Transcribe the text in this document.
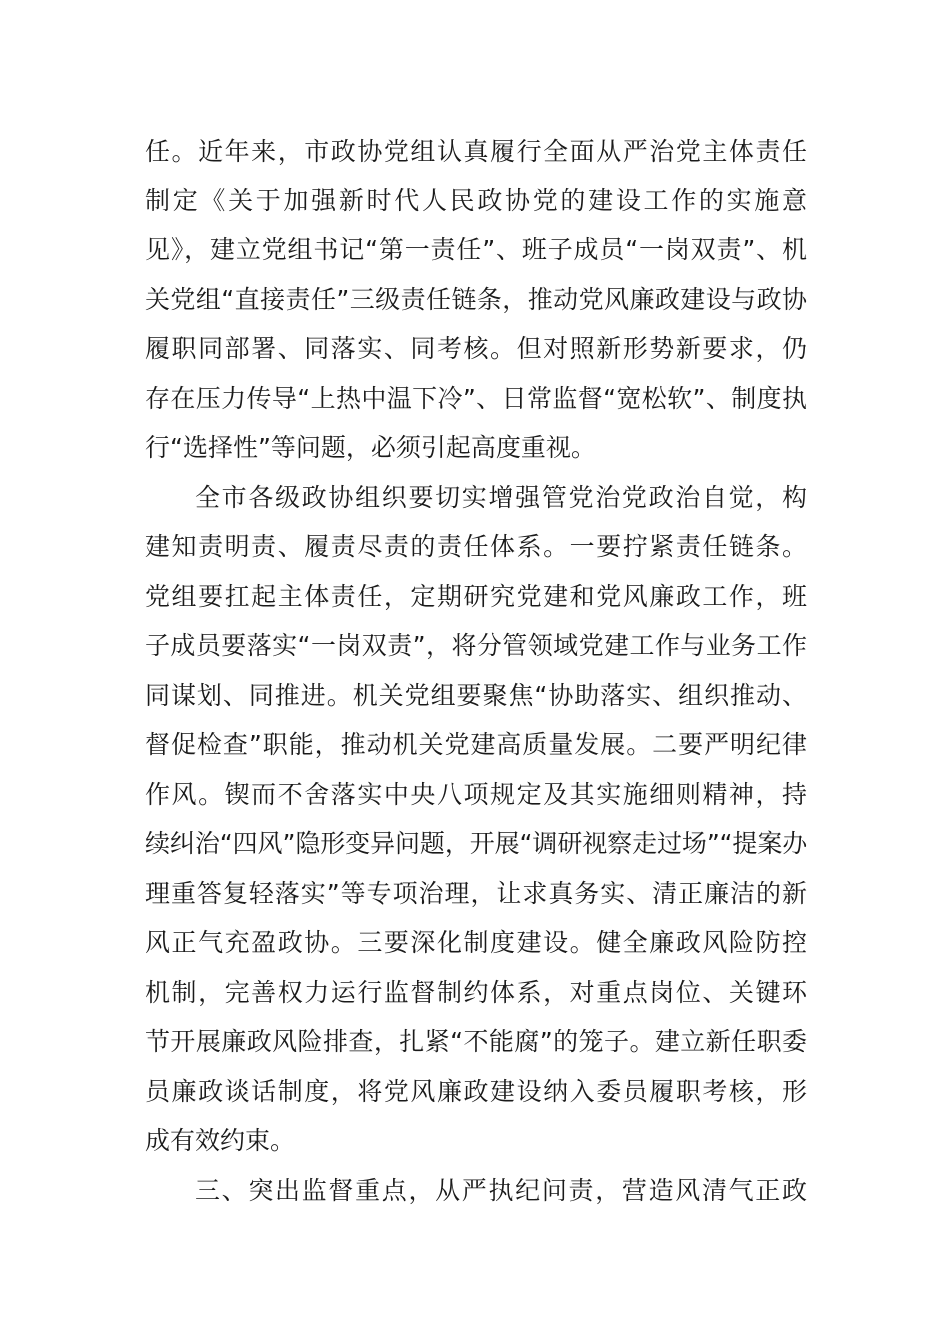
任。近年来，市政协党组认真履行全面从严治党主体责任
制定《关于加强新时代人民政协党的建设工作的实施意
见》，建立党组书记“第一责任”、班子成员“一岗双责”、机
关党组“直接责任”三级责任链条，推动党风廉政建设与政协
履职同部署、同落实、同考核。但对照新形势新要求，仍
存在压力传导“上热中温下冷”、日常监督“宽松软”、制度执
行“选择性”等问题，必须引起高度重视。
全市各级政协组织要切实增强管党治党政治自觉，构
建知责明责、履责尽责的责任体系。一要拧紧责任链条。
党组要扛起主体责任，定期研究党建和党风廉政工作，班
子成员要落实“一岗双责”，将分管领域党建工作与业务工作
同谋划、同推进。机关党组要聚焦“协助落实、组织推动、
督促检查”职能，推动机关党建高质量发展。二要严明纪律
作风。锲而不舍落实中央八项规定及其实施细则精神，持
续纠治“四风”隐形变异问题，开展“调研视察走过场”“提案办
理重答复轻落实”等专项治理，让求真务实、清正廉洁的新
风正气充盈政协。三要深化制度建设。健全廉政风险防控
机制，完善权力运行监督制约体系，对重点岗位、关键环
节开展廉政风险排查，扎紧“不能腐”的笼子。建立新任职委
员廉政谈话制度，将党风廉政建设纳入委员履职考核，形
成有效约束。
三、突出监督重点，从严执纪问责，营造风清气正政
